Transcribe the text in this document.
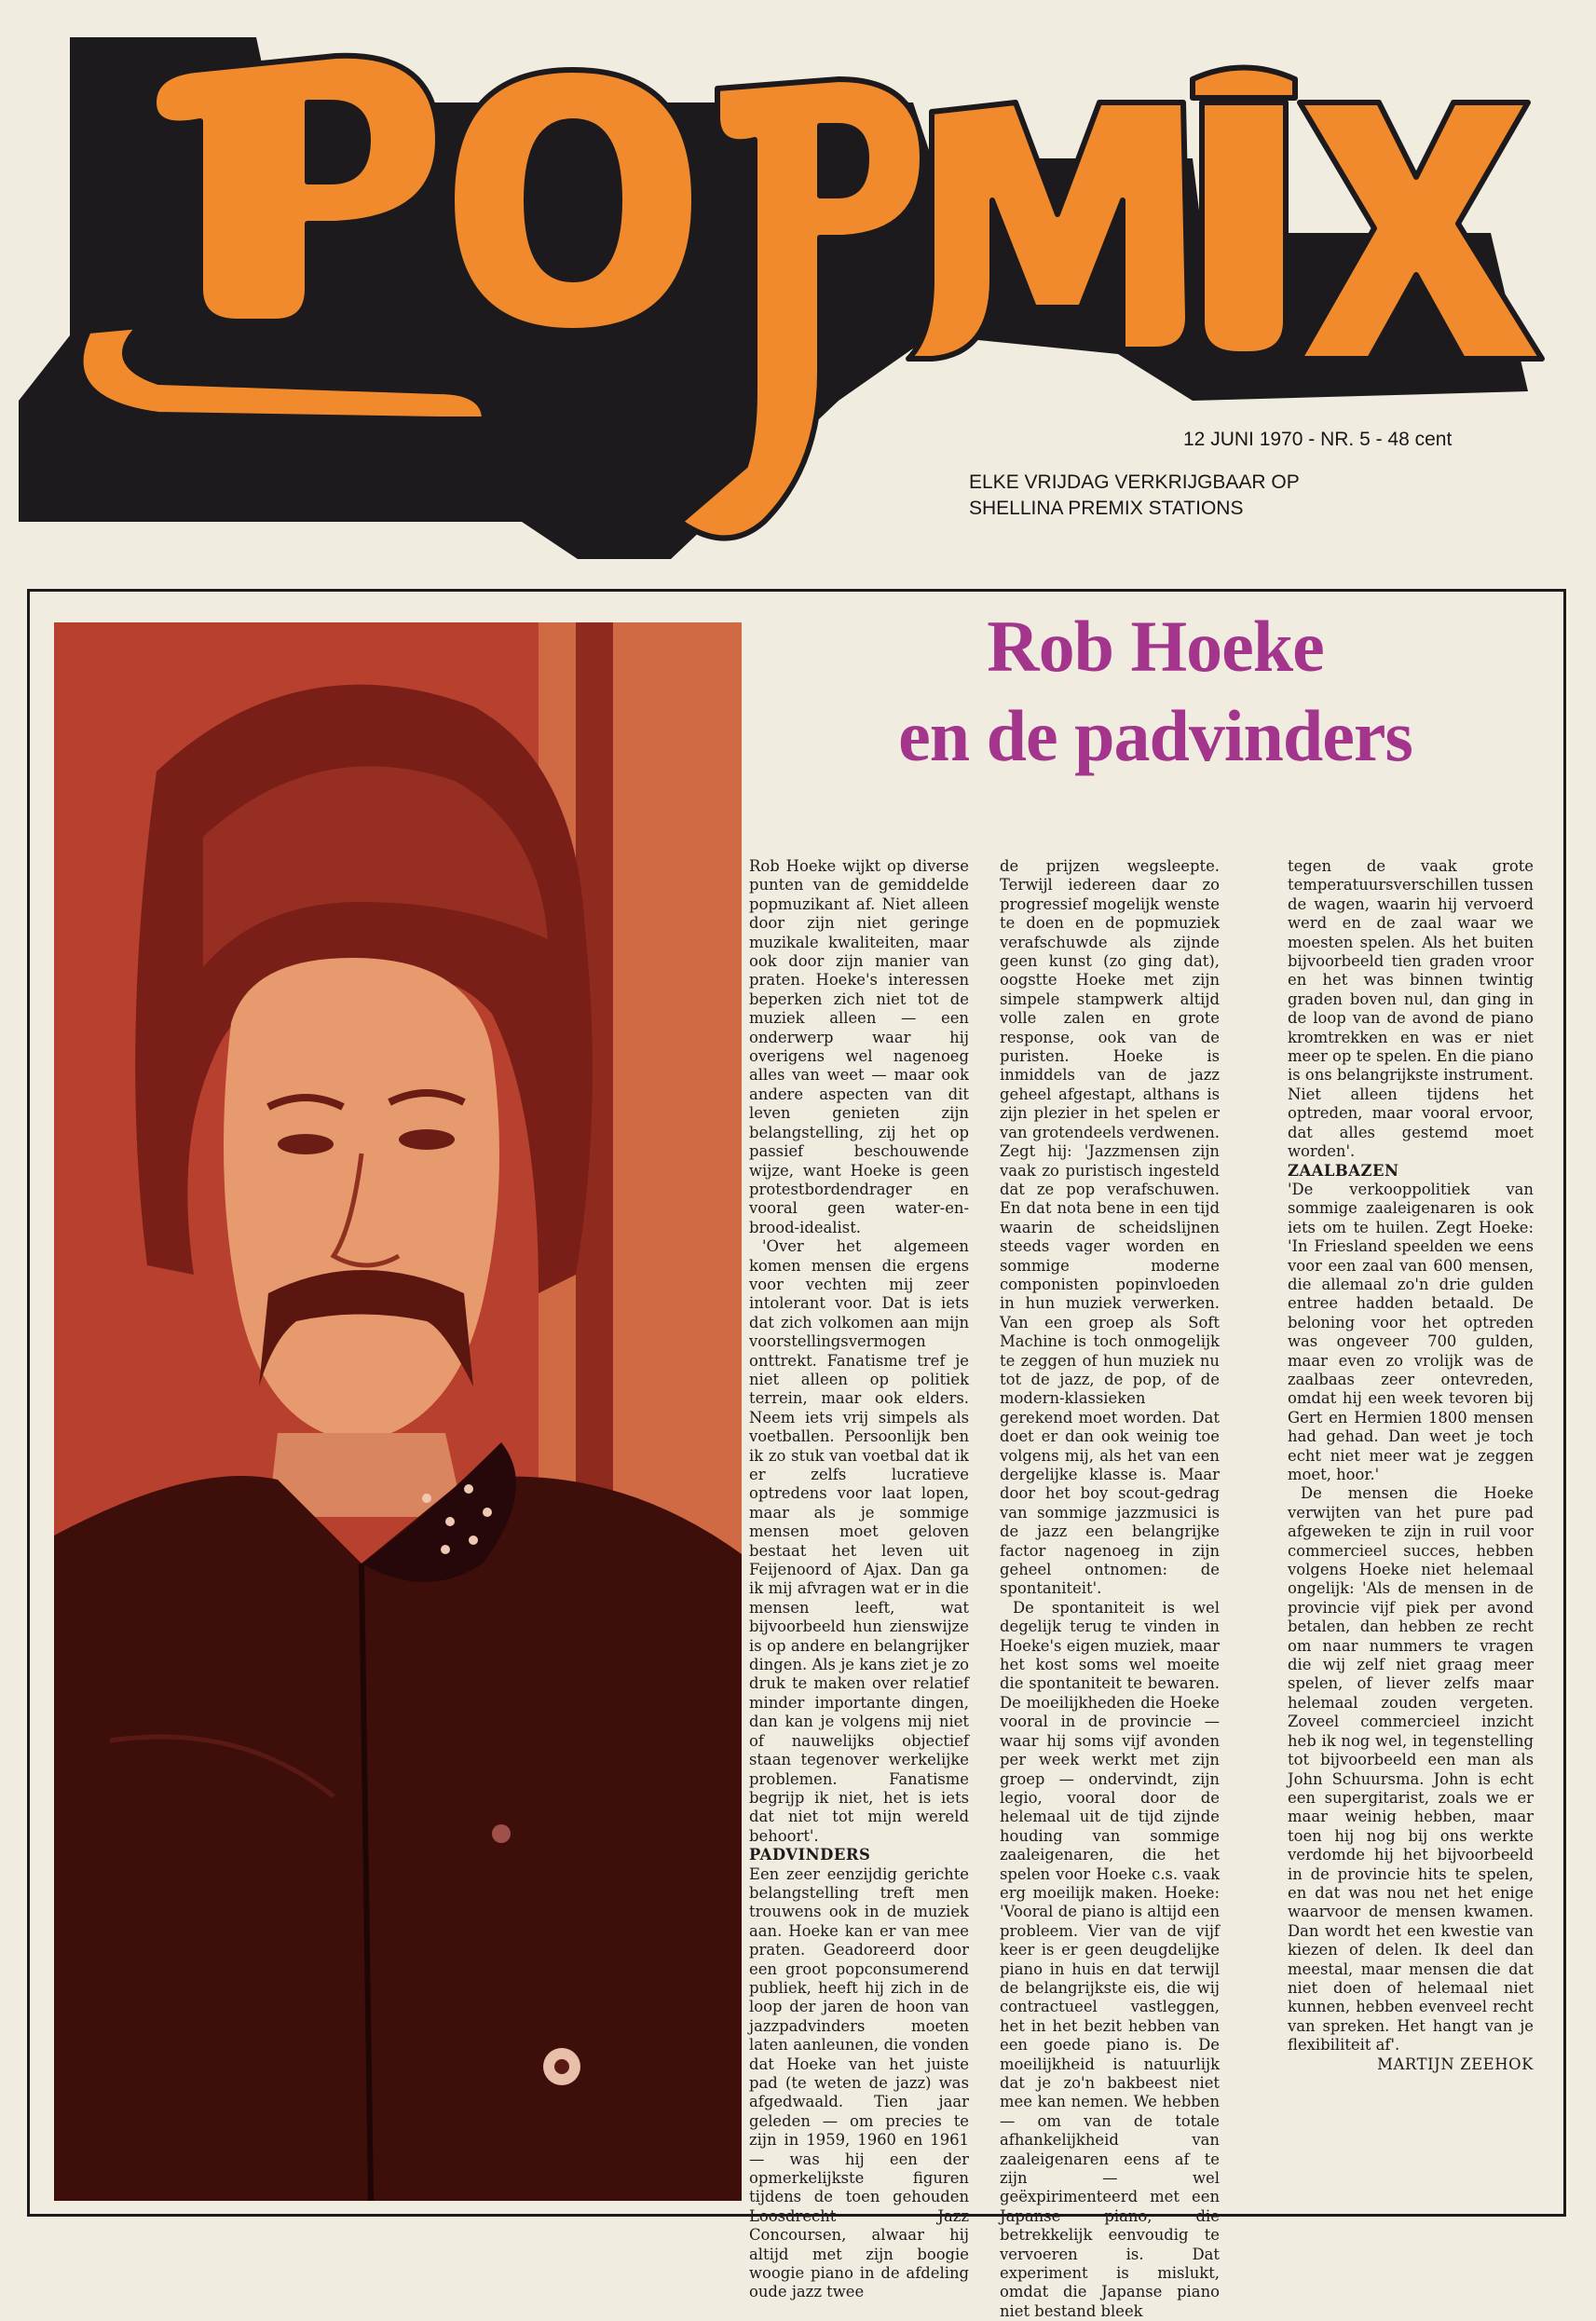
12 JUNI 1970 - NR. 5 - 48 cent
ELKE VRIJDAG VERKRIJGBAAR OP
SHELLINA PREMIX STATIONS
Rob Hoeke
en de padvinders

Rob Hoeke wijkt op diverse punten van de gemiddelde popmuzikant af. Niet alleen door zijn niet geringe muzikale kwaliteiten, maar ook door zijn manier van praten. Hoeke's interessen beperken zich niet tot de muziek alleen — een onderwerp waar hij overigens wel nagenoeg alles van weet — maar ook andere aspecten van dit leven genieten zijn belangstelling, zij het op passief beschouwende wijze, want Hoeke is geen protestbordendrager en vooral geen water-en-brood-idealist.

'Over het algemeen komen mensen die ergens voor vechten mij zeer intolerant voor. Dat is iets dat zich volkomen aan mijn voorstellingsvermogen onttrekt. Fanatisme tref je niet alleen op politiek terrein, maar ook elders. Neem iets vrij simpels als voetballen. Persoonlijk ben ik zo stuk van voetbal dat ik er zelfs lucratieve optredens voor laat lopen, maar als je sommige mensen moet geloven bestaat het leven uit Feijenoord of Ajax. Dan ga ik mij afvragen wat er in die mensen leeft, wat bijvoorbeeld hun zienswijze is op andere en belangrijker dingen. Als je kans ziet je zo druk te maken over relatief minder importante dingen, dan kan je volgens mij niet of nauwelijks objectief staan tegenover werkelijke problemen. Fanatisme begrijp ik niet, het is iets dat niet tot mijn wereld behoort'.

PADVINDERS

Een zeer eenzijdig gerichte belangstelling treft men trouwens ook in de muziek aan. Hoeke kan er van mee praten. Geadoreerd door een groot popconsumerend publiek, heeft hij zich in de loop der jaren de hoon van jazzpadvinders moeten laten aanleunen, die vonden dat Hoeke van het juiste pad (te weten de jazz) was afgedwaald. Tien jaar geleden — om precies te zijn in 1959, 1960 en 1961 — was hij een der opmerkelijkste figuren tijdens de toen gehouden Loosdrecht Jazz Concoursen, alwaar hij altijd met zijn boogie woogie piano in de afdeling oude jazz twee

de prijzen wegsleepte. Terwijl iedereen daar zo progressief mogelijk wenste te doen en de popmuziek verafschuwde als zijnde geen kunst (zo ging dat), oogstte Hoeke met zijn simpele stampwerk altijd volle zalen en grote response, ook van de puristen. Hoeke is inmiddels van de jazz geheel afgestapt, althans is zijn plezier in het spelen er van grotendeels verdwenen. Zegt hij: 'Jazzmensen zijn vaak zo puristisch ingesteld dat ze pop verafschuwen. En dat nota bene in een tijd waarin de scheidslijnen steeds vager worden en sommige moderne componisten popinvloeden in hun muziek verwerken. Van een groep als Soft Machine is toch onmogelijk te zeggen of hun muziek nu tot de jazz, de pop, of de modern-klassieken gerekend moet worden. Dat doet er dan ook weinig toe volgens mij, als het van een dergelijke klasse is. Maar door het boy scout-gedrag van sommige jazzmusici is de jazz een belangrijke factor nagenoeg in zijn geheel ontnomen: de spontaniteit'.

De spontaniteit is wel degelijk terug te vinden in Hoeke's eigen muziek, maar het kost soms wel moeite die spontaniteit te bewaren. De moeilijkheden die Hoeke vooral in de provincie — waar hij soms vijf avonden per week werkt met zijn groep — ondervindt, zijn legio, vooral door de helemaal uit de tijd zijnde houding van sommige zaaleigenaren, die het spelen voor Hoeke c.s. vaak erg moeilijk maken. Hoeke: 'Vooral de piano is altijd een probleem. Vier van de vijf keer is er geen deugdelijke piano in huis en dat terwijl de belangrijkste eis, die wij contractueel vastleggen, het in het bezit hebben van een goede piano is. De moeilijkheid is natuurlijk dat je zo'n bakbeest niet mee kan nemen. We hebben — om van de totale afhankelijkheid van zaaleigenaren eens af te zijn — wel geëxpirimenteerd met een Japanse piano, die betrekkelijk eenvoudig te vervoeren is. Dat experiment is mislukt, omdat die Japanse piano niet bestand bleek

tegen de vaak grote temperatuursverschillen tussen de wagen, waarin hij vervoerd werd en de zaal waar we moesten spelen. Als het buiten bijvoorbeeld tien graden vroor en het was binnen twintig graden boven nul, dan ging in de loop van de avond de piano kromtrekken en was er niet meer op te spelen. En die piano is ons belangrijkste instrument. Niet alleen tijdens het optreden, maar vooral ervoor, dat alles gestemd moet worden'.

ZAALBAZEN

'De verkooppolitiek van sommige zaaleigenaren is ook iets om te huilen. Zegt Hoeke: 'In Friesland speelden we eens voor een zaal van 600 mensen, die allemaal zo'n drie gulden entree hadden betaald. De beloning voor het optreden was ongeveer 700 gulden, maar even zo vrolijk was de zaalbaas zeer ontevreden, omdat hij een week tevoren bij Gert en Hermien 1800 mensen had gehad. Dan weet je toch echt niet meer wat je zeggen moet, hoor.'

De mensen die Hoeke verwijten van het pure pad afgeweken te zijn in ruil voor commercieel succes, hebben volgens Hoeke niet helemaal ongelijk: 'Als de mensen in de provincie vijf piek per avond betalen, dan hebben ze recht om naar nummers te vragen die wij zelf niet graag meer spelen, of liever zelfs maar helemaal zouden vergeten. Zoveel commercieel inzicht heb ik nog wel, in tegenstelling tot bijvoorbeeld een man als John Schuursma. John is echt een supergitarist, zoals we er maar weinig hebben, maar toen hij nog bij ons werkte verdomde hij het bijvoorbeeld in de provincie hits te spelen, en dat was nou net het enige waarvoor de mensen kwamen. Dan wordt het een kwestie van kiezen of delen. Ik deel dan meestal, maar mensen die dat niet doen of helemaal niet kunnen, hebben evenveel recht van spreken. Het hangt van je flexibiliteit af'.

MARTIJN ZEEHOK
